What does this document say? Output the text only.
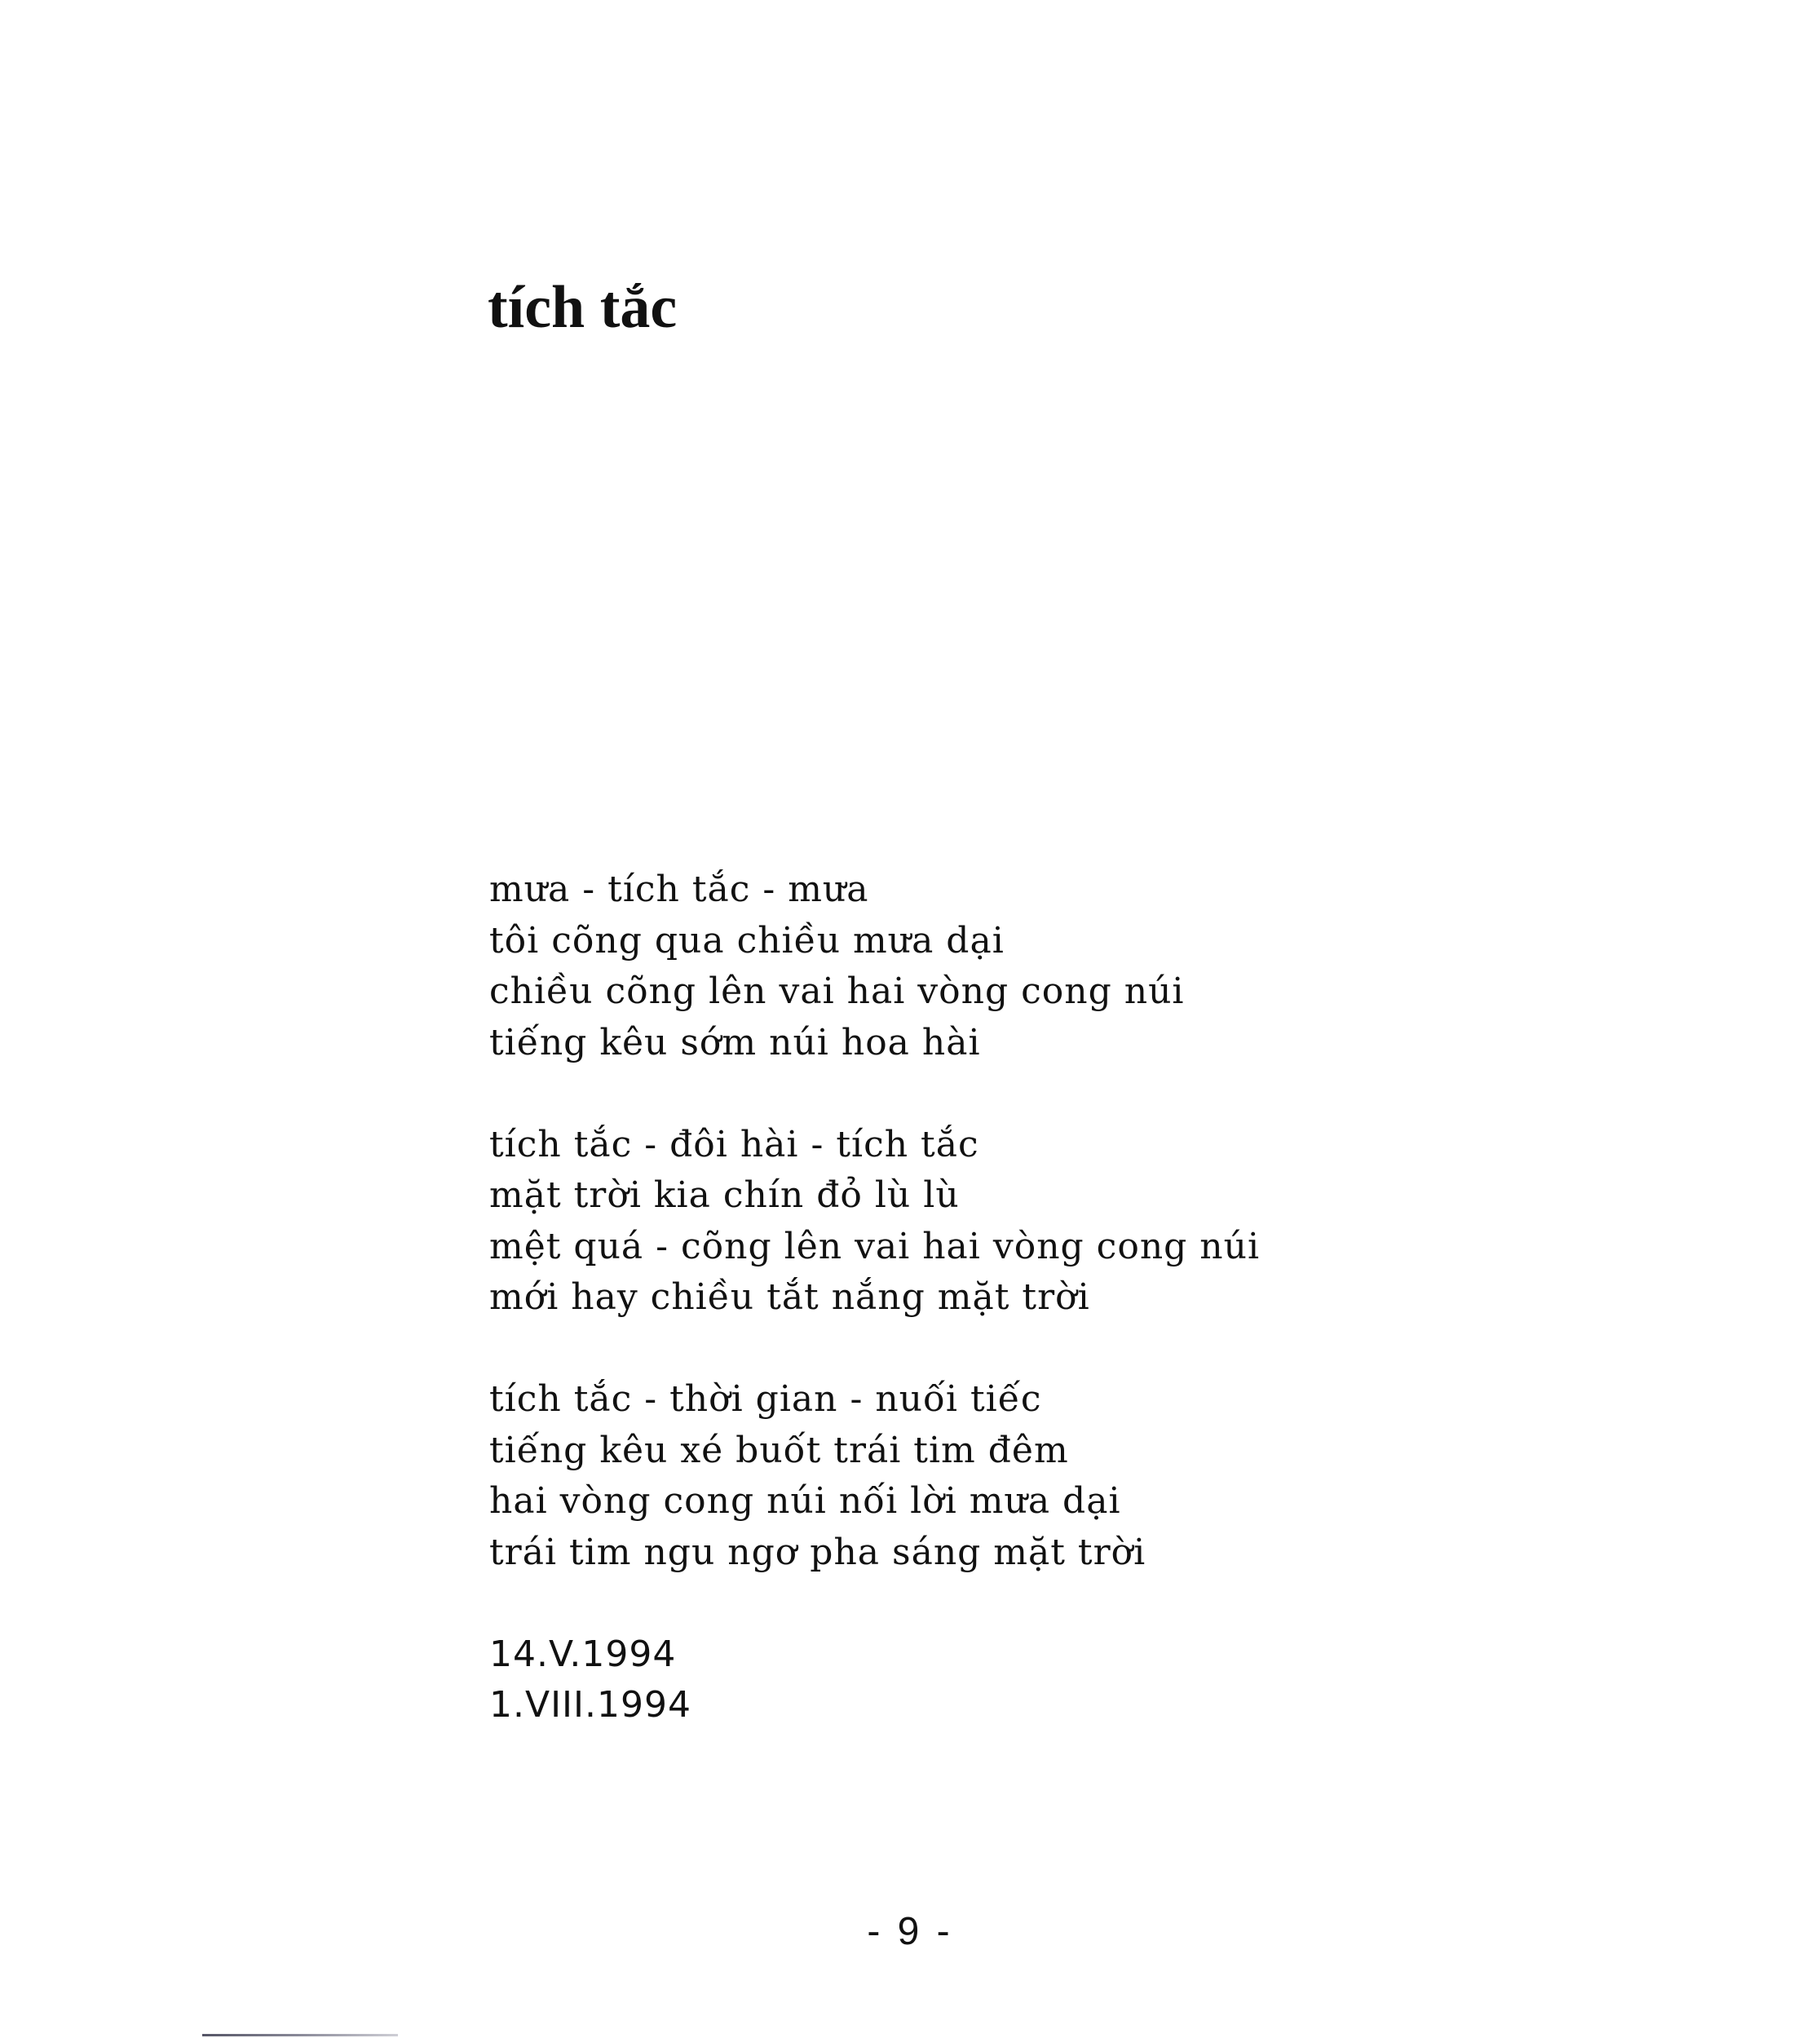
tích tắc
mưa - tích tắc - mưa
tôi cõng qua chiều mưa dại
chiều cõng lên vai hai vòng cong núi
tiếng kêu sớm núi hoa hài
tích tắc - đôi hài - tích tắc
mặt trời kia chín đỏ lù lù
mệt quá - cõng lên vai hai vòng cong núi
mới hay chiều tắt nắng mặt trời
tích tắc - thời gian - nuối tiếc
tiếng kêu xé buốt trái tim đêm
hai vòng cong núi nối lời mưa dại
trái tim ngu ngơ pha sáng mặt trời
14.V.1994
1.VIII.1994
- 9 -
